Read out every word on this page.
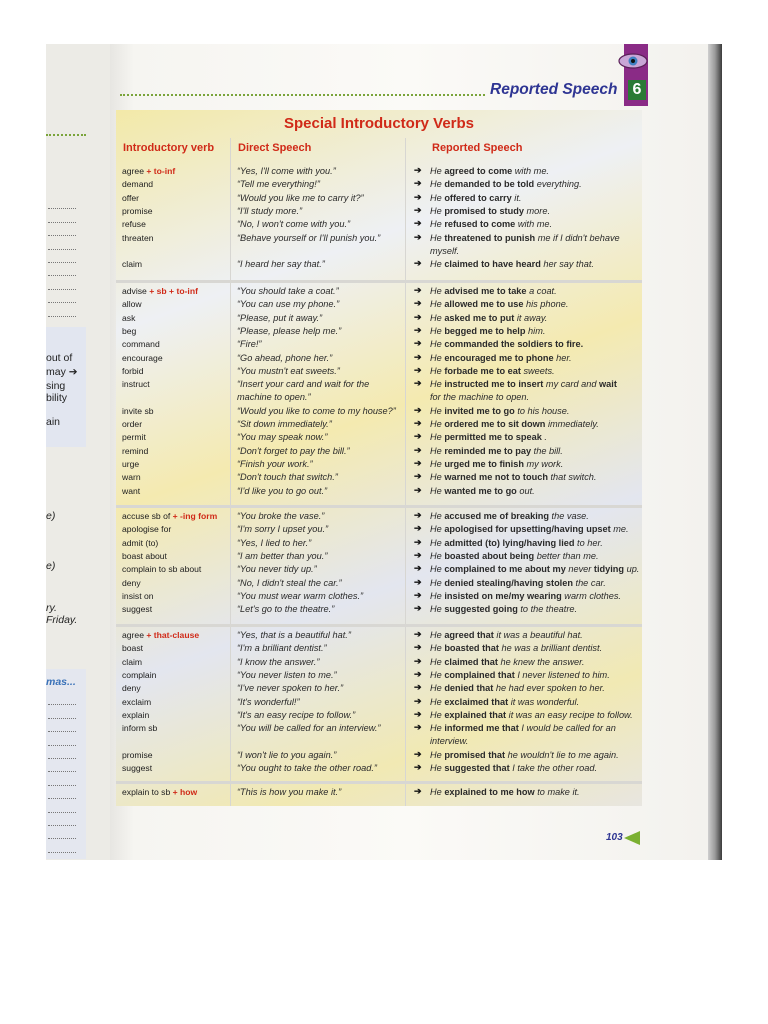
out of
may ➔
sing
bility
ain
e)
e)
ry.
Friday.
mas...
Reported Speech 6
Special Introductory Verbs
Introductory verb Direct Speech	Reported Speech
agree + to-inf	“Yes, I'll come with you.”	➔ He agreed to come with me.
demand	“Tell me everything!”	➔ He demanded to be told everything.
offer	“Would you like me to carry it?”	➔ He offered to carry it.
promise	“I'll study more.”	➔ He promised to study more.
refuse	“No, I won't come with you.”	➔ He refused to come with me.
threaten	“Behave yourself or I'll punish you.”	➔ He threatened to punish me if I didn't behave
myself.
claim	“I heard her say that.”	➔ He claimed to have heard her say that.
advise + sb + to-inf	“You should take a coat.”	➔ He advised me to take a coat.
allow	“You can use my phone.”	➔ He allowed me to use his phone.
ask	“Please, put it away.”	➔ He asked me to put it away.
beg	“Please, please help me.”	➔ He begged me to help him.
command	“Fire!”	➔ He commanded the soldiers to fire.
encourage	“Go ahead, phone her.”	➔ He encouraged me to phone her.
forbid	“You mustn't eat sweets.”	➔ He forbade me to eat sweets.
instruct	“Insert your card and wait for the	➔ He instructed me to insert my card and wait
machine to open.”	for the machine to open.
invite sb	“Would you like to come to my house?” ➔ He invited me to go to his house.
order	“Sit down immediately.”	➔ He ordered me to sit down immediately.
permit	“You may speak now.”	➔ He permitted me to speak .
remind	“Don't forget to pay the bill.”	➔ He reminded me to pay the bill.
urge	“Finish your work.”	➔ He urged me to finish my work.
warn	“Don't touch that switch.”	➔ He warned me not to touch that switch.
want	“I'd like you to go out.”	➔ He wanted me to go out.
accuse sb of + -ing form “You broke the vase.”	➔ He accused me of breaking the vase.
apologise for	“I'm sorry I upset you.”	➔ He apologised for upsetting/having upset me.
admit (to)	“Yes, I lied to her.”	➔ He admitted (to) lying/having lied to her.
boast about	“I am better than you.”	➔ He boasted about being better than me.
complain to sb about	“You never tidy up.”	➔ He complained to me about my never tidying up.
deny	“No, I didn't steal the car.”	➔ He denied stealing/having stolen the car.
insist on	“You must wear warm clothes.”	➔ He insisted on me/my wearing warm clothes.
suggest	“Let's go to the theatre.”	➔ He suggested going to the theatre.
agree + that-clause	“Yes, that is a beautiful hat.”	➔ He agreed that it was a beautiful hat.
boast	“I'm a brilliant dentist.”	➔ He boasted that he was a brilliant dentist.
claim	“I know the answer.”	➔ He claimed that he knew the answer.
complain	“You never listen to me.”	➔ He complained that I never listened to him.
deny	“I've never spoken to her.”	➔ He denied that he had ever spoken to her.
exclaim	“It's wonderful!”	➔ He exclaimed that it was wonderful.
explain	“It's an easy recipe to follow.”	➔ He explained that it was an easy recipe to follow.
inform sb	“You will be called for an interview.”	➔ He informed me that I would be called for an
interview.
promise	“I won't lie to you again.”	➔ He promised that he wouldn't lie to me again.
suggest	“You ought to take the other road.”	➔ He suggested that I take the other road.
explain to sb + how	“This is how you make it.”	➔ He explained to me how to make it.
103
